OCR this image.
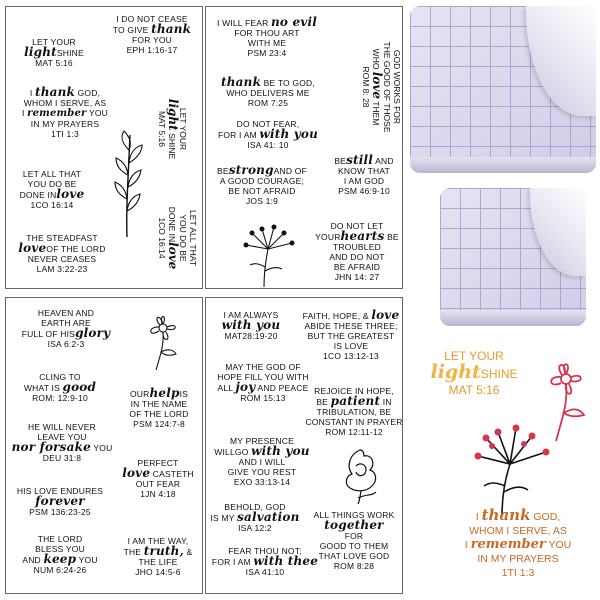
LET YOUR
lightSHINE
MAT 5:16
I DO NOT CEASE
TO GIVE thank
FOR YOU
EPH 1:16-17
I thank GOD,
WHOM I SERVE, AS
I remember YOU
IN MY PRAYERS
1TI 1:3	LET YOUR
light SHINE
MAT 5:16
LET ALL THAT
YOU DO BE
DONE INlove
1CO 16:14
LET ALL THAT
YOU DO BE
DONE INlove
1CO 16:14
THE STEADFAST
loveOF THE LORD
NEVER CEASES
LAM 3:22-23
I WILL FEAR no evil
FOR THOU ART
WITH ME
PSM 23:4	GOD WORKS FOR
THE GOOD OF THOSE
WHO love THEM
ROM 8: 28
thank BE TO GOD,
WHO DELIVERS ME
ROM 7:25
DO NOT FEAR,
FOR I AM with you
ISA 41: 10
BEstrongAND OF
A GOOD COURAGE;
BE NOT AFRAID
JOS 1:9
BEstill AND
KNOW THAT
I AM GOD
PSM 46:9-10
DO NOT LET
YOURhearts BE
TROUBLED
AND DO NOT
BE AFRAID
JHN 14: 27
HEAVEN AND
EARTH ARE
FULL OF HISglory
ISA 6:2-3
CLING TO
WHAT IS good
ROM: 12:9-10	OURhelpIS
IN THE NAME
OF THE LORD
PSM 124:7-8
HE WILL NEVER
LEAVE YOU
nor forsake YOU
DEU 31:8	PERFECT
love CASTETH
OUT FEAR
1JN 4:18
HIS LOVE ENDURES
forever
PSM 136:23-25
THE LORD
BLESS YOU
AND keep YOU
NUM 6:24-26
I AM THE WAY,
THE truth, &
THE LIFE
JHO 14:5-6
I AM ALWAYS
with you
MAT28:19-20
FAITH, HOPE, & love
ABIDE THESE THREE;
BUT THE GREATEST
IS LOVE
1CO 13:12-13
MAY THE GOD OF
HOPE FILL YOU WITH
ALL joy AND PEACE
ROM 15:13
REJOICE IN HOPE,
BE patient IN
TRIBULATION, BE
CONSTANT IN PRAYER
ROM 12:11-12
MY PRESENCE
WILLGO with you
AND I WILL
GIVE YOU REST
EXO 33:13-14
BEHOLD, GOD
IS MY salvation
ISA 12:2
ALL THINGS WORK
together
FOR
GOOD TO THEM
THAT LOVE GOD
ROM 8:28
FEAR THOU NOT;
FOR I AM with thee
ISA 41:10
LET YOUR
lightSHINE
MAT 5:16
I thank GOD,
WHOM I SERVE, AS
I remember YOU
IN MY PRAYERS
1TI 1:3
